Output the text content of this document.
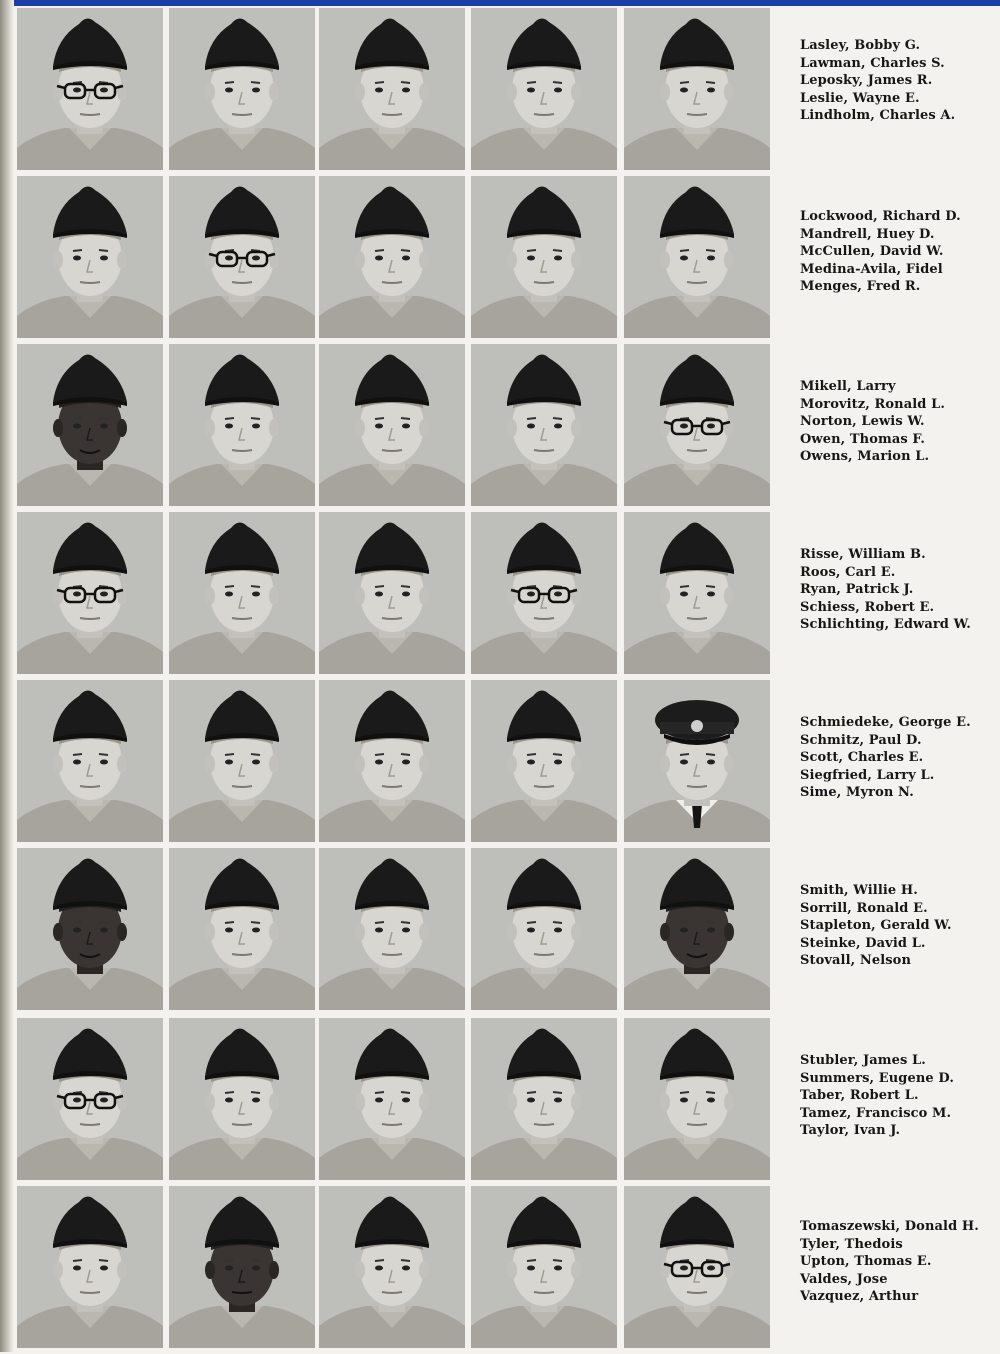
Lasley, Bobby G.
Lawman, Charles S.
Leposky, James R.
Leslie, Wayne E.
Lindholm, Charles A.
Lockwood, Richard D.
Mandrell, Huey D.
McCullen, David W.
Medina-Avila, Fidel
Menges, Fred R.
Mikell, Larry
Morovitz, Ronald L.
Norton, Lewis W.
Owen, Thomas F.
Owens, Marion L.
Risse, William B.
Roos, Carl E.
Ryan, Patrick J.
Schiess, Robert E.
Schlichting, Edward W.
Schmiedeke, George E.
Schmitz, Paul D.
Scott, Charles E.
Siegfried, Larry L.
Sime, Myron N.
Smith, Willie H.
Sorrill, Ronald E.
Stapleton, Gerald W.
Steinke, David L.
Stovall, Nelson
Stubler, James L.
Summers, Eugene D.
Taber, Robert L.
Tamez, Francisco M.
Taylor, Ivan J.
Tomaszewski, Donald H.
Tyler, Thedois
Upton, Thomas E.
Valdes, Jose
Vazquez, Arthur
